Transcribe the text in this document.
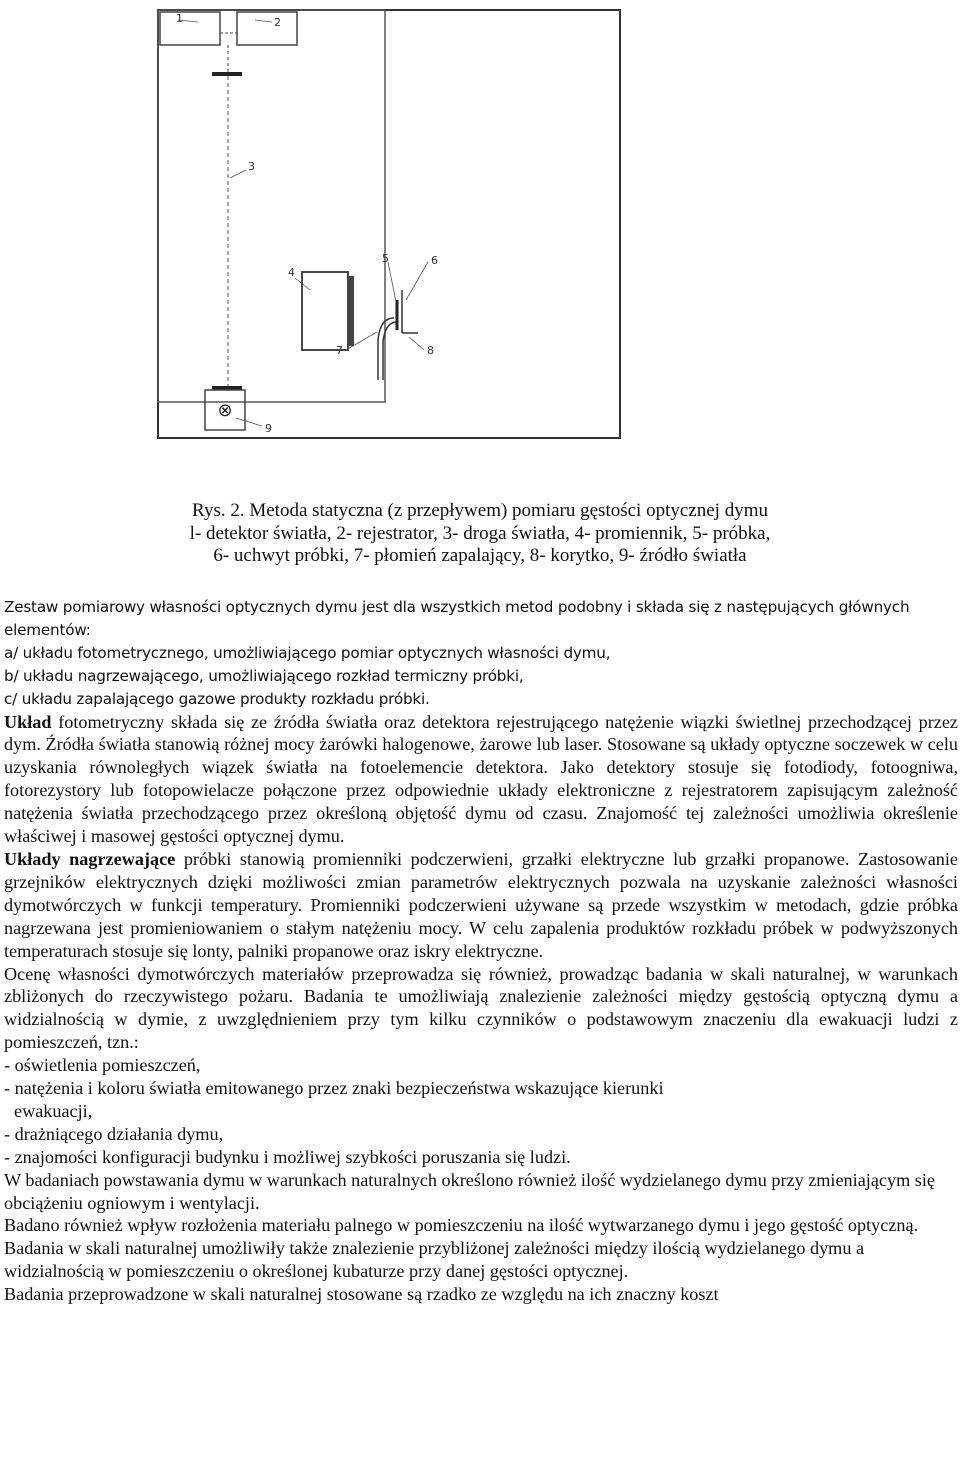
⊗
1	2
3
4
5	6
7	8
9
Rys. 2. Metoda statyczna (z przepływem) pomiaru gęstości optycznej dymu
l- detektor światła, 2- rejestrator, 3- droga światła, 4- promiennik, 5- próbka,
6- uchwyt próbki, 7- płomień zapalający, 8- korytko, 9- źródło światła

Zestaw pomiarowy własności optycznych dymu jest dla wszystkich metod podobny i składa się z następujących głównych elementów:

a/ układu fotometrycznego, umożliwiającego pomiar optycznych własności dymu,

b/ układu nagrzewającego, umożliwiającego rozkład termiczny próbki,

c/ układu zapalającego gazowe produkty rozkładu próbki.

Układ fotometryczny składa się ze źródła światła oraz detektora rejestrującego natężenie wiązki świetlnej przechodzącej przez dym. Źródła światła stanowią różnej mocy żarówki halogenowe, żarowe lub laser. Stosowane są układy optyczne soczewek w celu uzyskania równoległych wiązek światła na fotoelemencie detektora. Jako detektory stosuje się fotodiody, fotoogniwa, fotorezystory lub fotopowielacze połączone przez odpowiednie układy elektroniczne z rejestratorem zapisującym zależność natężenia światła przechodzącego przez określoną objętość dymu od czasu. Znajomość tej zależności umożliwia określenie właściwej i masowej gęstości optycznej dymu.

Układy nagrzewające próbki stanowią promienniki podczerwieni, grzałki elektryczne lub grzałki propanowe. Zastosowanie grzejników elektrycznych dzięki możliwości zmian parametrów elektrycznych pozwala na uzyskanie zależności własności dymotwórczych w funkcji temperatury. Promienniki podczerwieni używane są przede wszystkim w metodach, gdzie próbka nagrzewana jest promieniowaniem o stałym natężeniu mocy. W celu zapalenia produktów rozkładu próbek w podwyższonych temperaturach stosuje się lonty, palniki propanowe oraz iskry elektryczne.

Ocenę własności dymotwórczych materiałów przeprowadza się również, prowadząc badania w skali naturalnej, w warunkach zbliżonych do rzeczywistego pożaru. Badania te umożliwiają znalezienie zależności między gęstością optyczną dymu a widzialnością w dymie, z uwzględnieniem przy tym kilku czynników o podstawowym znaczeniu dla ewakuacji ludzi z pomieszczeń, tzn.:

- oświetlenia pomieszczeń,

- natężenia i koloru światła emitowanego przez znaki bezpieczeństwa wskazujące kierunki

ewakuacji,

- drażniącego działania dymu,

- znajomości konfiguracji budynku i możliwej szybkości poruszania się ludzi.

W badaniach powstawania dymu w warunkach naturalnych określono również ilość wydzielanego dymu przy zmieniającym się obciążeniu ogniowym i wentylacji.

Badano również wpływ rozłożenia materiału palnego w pomieszczeniu na ilość wytwarzanego dymu i jego gęstość optyczną. Badania w skali naturalnej umożliwiły także znalezienie przybliżonej zależności między ilością wydzielanego dymu a widzialnością w pomieszczeniu o określonej kubaturze przy danej gęstości optycznej.

Badania przeprowadzone w skali naturalnej stosowane są rzadko ze względu na ich znaczny koszt
